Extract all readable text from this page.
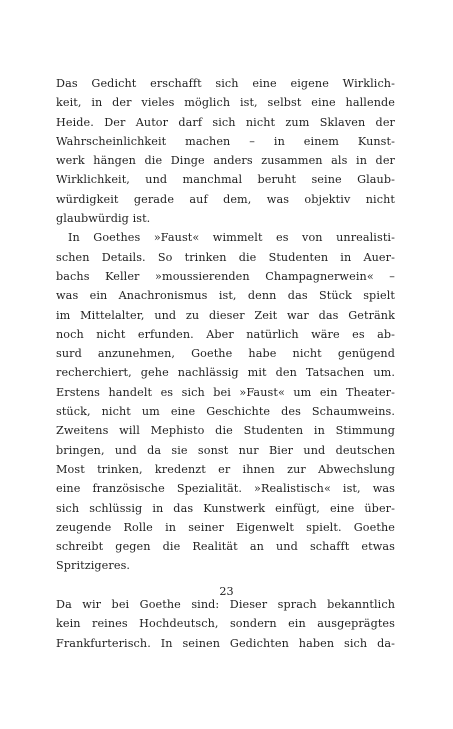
Das Gedicht erschafft sich eine eigene Wirklich-
keit, in der vieles möglich ist, selbst eine hallende
Heide. Der Autor darf sich nicht zum Sklaven der
Wahrscheinlichkeit machen – in einem Kunst-
werk hängen die Dinge anders zusammen als in der
Wirklichkeit, und manchmal beruht seine Glaub-
würdigkeit gerade auf dem, was objektiv nicht
glaubwürdig ist.
In Goethes »Faust« wimmelt es von unrealisti-
schen Details. So trinken die Studenten in Auer-
bachs Keller »moussierenden Champagnerwein« –
was ein Anachronismus ist, denn das Stück spielt
im Mittelalter, und zu dieser Zeit war das Getränk
noch nicht erfunden. Aber natürlich wäre es ab-
surd anzunehmen, Goethe habe nicht genügend
recherchiert, gehe nachlässig mit den Tatsachen um.
Erstens handelt es sich bei »Faust« um ein Theater-
stück, nicht um eine Geschichte des Schaumweins.
Zweitens will Mephisto die Studenten in Stimmung
bringen, und da sie sonst nur Bier und deutschen
Most trinken, kredenzt er ihnen zur Abwechslung
eine französische Spezialität. »Realistisch« ist, was
sich schlüssig in das Kunstwerk einfügt, eine über-
zeugende Rolle in seiner Eigenwelt spielt. Goethe
schreibt gegen die Realität an und schafft etwas
Spritzigeres.
Da wir bei Goethe sind: Dieser sprach bekanntlich
kein reines Hochdeutsch, sondern ein ausgeprägtes
Frankfurterisch. In seinen Gedichten haben sich da-
23
